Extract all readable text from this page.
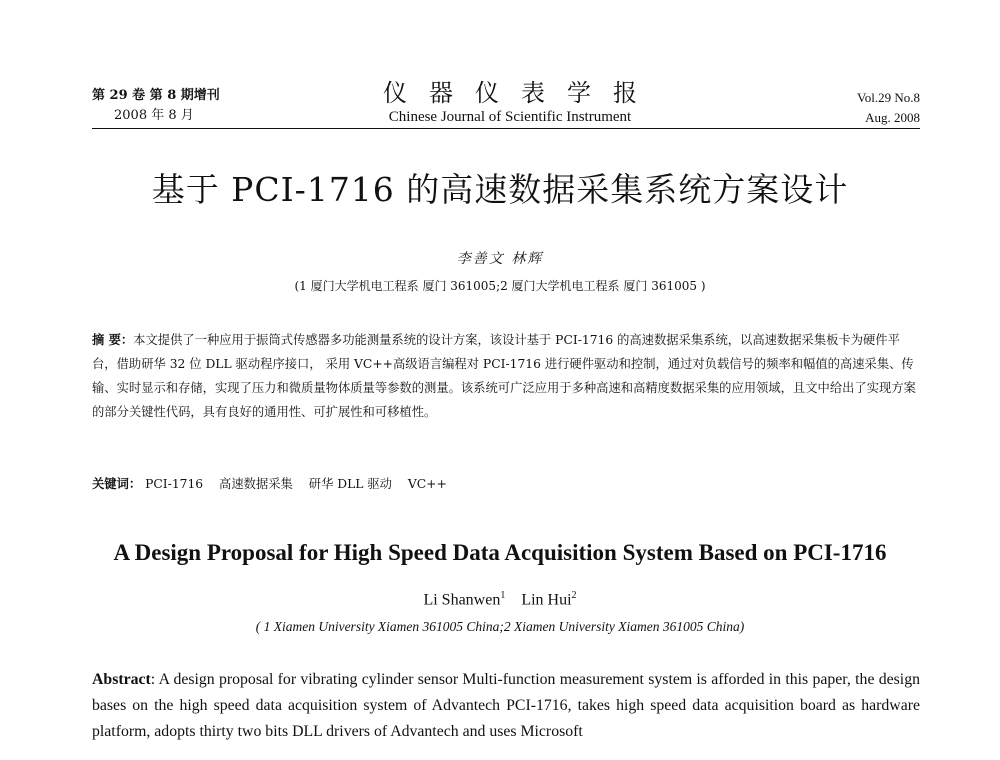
第 29 卷 第 8 期增刊
2008 年 8 月
仪器仪表学报
Chinese Journal of Scientific Instrument
Vol.29 No.8
Aug. 2008
基于 PCI-1716 的高速数据采集系统方案设计
李善文 林辉
(1 厦门大学机电工程系 厦门 361005;2 厦门大学机电工程系 厦门 361005 )
摘 要：本文提供了一种应用于振筒式传感器多功能测量系统的设计方案，该设计基于 PCI-1716 的高速数据采集系统，以高速数据采集板卡为硬件平台，借助研华 32 位 DLL 驱动程序接口， 采用 VC++高级语言编程对 PCI-1716 进行硬件驱动和控制，通过对负载信号的频率和幅值的高速采集、传输、实时显示和存储，实现了压力和微质量物体质量等参数的测量。该系统可广泛应用于多种高速和高精度数据采集的应用领域，且文中给出了实现方案的部分关键性代码，具有良好的通用性、可扩展性和可移植性。
关键词： PCI-1716 高速数据采集 研华 DLL 驱动 VC++
A Design Proposal for High Speed Data Acquisition System Based on PCI-1716
Li Shanwen$^1$ Lin Hui$^2$
( 1 Xiamen University Xiamen 361005 China;2 Xiamen University Xiamen 361005 China)
Abstract: A design proposal for vibrating cylinder sensor Multi-function measurement system is afforded in this paper, the design bases on the high speed data acquisition system of Advantech PCI-1716, takes high speed data acquisition board as hardware platform, adopts thirty two bits DLL drivers of Advantech and uses Microsoft
